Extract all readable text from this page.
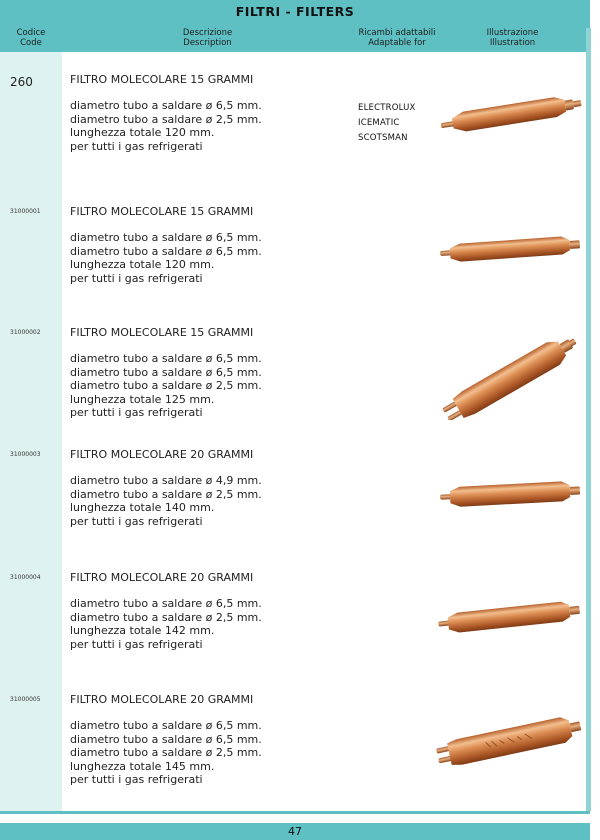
FILTRI - FILTERS
Codice
Code
Descrizione
Description
Ricambi adattabili
Adaptable for
Illustrazione
Illustration
260	FILTRO MOLECOLARE 15 GRAMMI
diametro tubo a saldare ø 6,5 mm.
diametro tubo a saldare ø 2,5 mm.
lunghezza totale 120 mm.
per tutti i gas refrigerati
ELECTROLUX
ICEMATIC
SCOTSMAN
31000001	FILTRO MOLECOLARE 15 GRAMMI
diametro tubo a saldare ø 6,5 mm.
diametro tubo a saldare ø 6,5 mm.
lunghezza totale 120 mm.
per tutti i gas refrigerati
31000002	FILTRO MOLECOLARE 15 GRAMMI
diametro tubo a saldare ø 6,5 mm.
diametro tubo a saldare ø 6,5 mm.
diametro tubo a saldare ø 2,5 mm.
lunghezza totale 125 mm.
per tutti i gas refrigerati
31000003	FILTRO MOLECOLARE 20 GRAMMI
diametro tubo a saldare ø 4,9 mm.
diametro tubo a saldare ø 2,5 mm.
lunghezza totale 140 mm.
per tutti i gas refrigerati
31000004	FILTRO MOLECOLARE 20 GRAMMI
diametro tubo a saldare ø 6,5 mm.
diametro tubo a saldare ø 2,5 mm.
lunghezza totale 142 mm.
per tutti i gas refrigerati
31000005	FILTRO MOLECOLARE 20 GRAMMI
diametro tubo a saldare ø 6,5 mm.
diametro tubo a saldare ø 6,5 mm.
diametro tubo a saldare ø 2,5 mm.
lunghezza totale 145 mm.
per tutti i gas refrigerati
47
